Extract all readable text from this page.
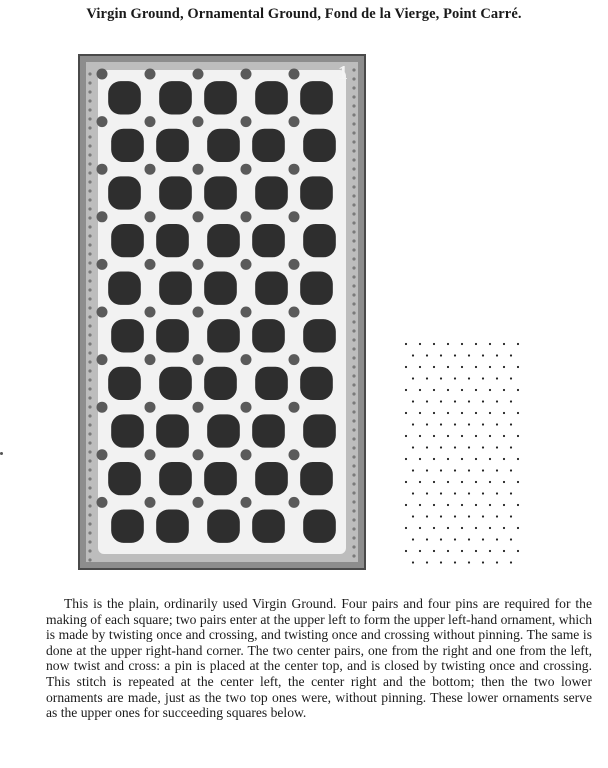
Virgin Ground, Ornamental Ground, Fond de la Vierge, Point Carré.
1

This is the plain, ordinarily used Virgin Ground. Four pairs and four pins are required for the making of each square; two pairs enter at the upper left to form the upper left-hand ornament, which is made by twisting once and crossing, and twisting once and crossing without pinning. The same is done at the upper right-hand corner. The two center pairs, one from the right and one from the left, now twist and cross: a pin is placed at the center top, and is closed by twisting once and crossing. This stitch is repeated at the center left, the center right and the bottom; then the two lower ornaments are made, just as the two top ones were, without pinning. These lower ornaments serve as the upper ones for succeeding squares below.
